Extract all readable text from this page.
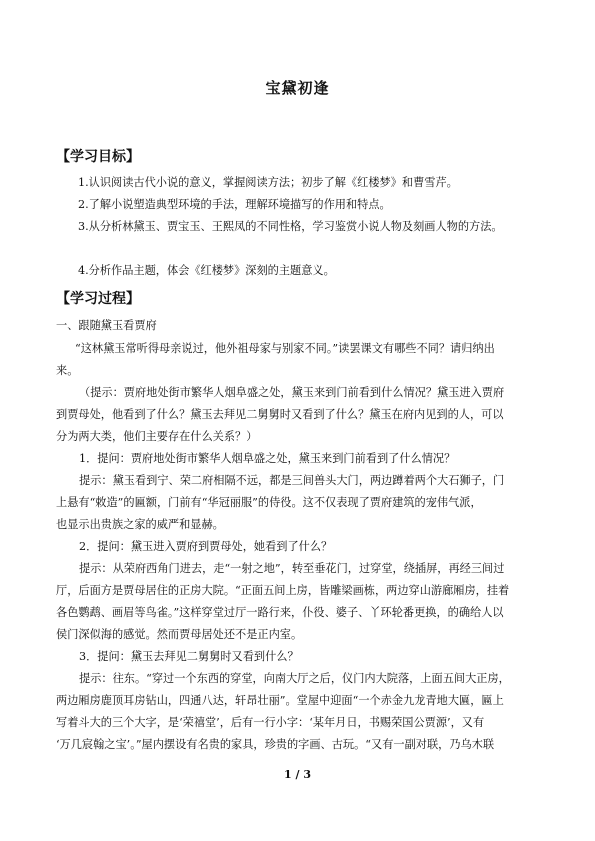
宝黛初逢
【学习目标】
1.认识阅读古代小说的意义，掌握阅读方法；初步了解《红楼梦》和曹雪芹。
2.了解小说塑造典型环境的手法，理解环境描写的作用和特点。
3.从分析林黛玉、贾宝玉、王熙凤的不同性格，学习鉴赏小说人物及刻画人物的方法。
4.分析作品主题，体会《红楼梦》深刻的主题意义。
【学习过程】
一、跟随黛玉看贾府
“这林黛玉常听得母亲说过，他外祖母家与别家不同。”读罢课文有哪些不同？请归纳出
来。
（提示：贾府地处街市繁华人烟阜盛之处，黛玉来到门前看到什么情况？黛玉进入贾府
到贾母处，他看到了什么？黛玉去拜见二舅舅时又看到了什么？黛玉在府内见到的人，可以
分为两大类，他们主要存在什么关系？）
1．提问：贾府地处街市繁华人烟阜盛之处，黛玉来到门前看到了什么情况？
提示：黛玉看到宁、荣二府相隔不远，都是三间兽头大门，两边蹲着两个大石狮子，门
上悬有“敕造”的匾额，门前有“华冠丽服”的侍役。这不仅表现了贾府建筑的宠伟气派，
也显示出贵族之家的威严和显赫。
2．提问：黛玉进入贾府到贾母处，她看到了什么？
提示：从荣府西角门进去，走“一射之地”，转至垂花门，过穿堂，绕插屏，再经三间过
厅，后面方是贾母居住的正房大院。“正面五间上房，皆雕梁画栋，两边穿山游廊厢房，挂着
各色鹦鹉、画眉等鸟雀。”这样穿堂过厅一路行来，仆役、婆子、丫环轮番更换，的确给人以
侯门深似海的感觉。然而贾母居处还不是正内室。
3．提问：黛玉去拜见二舅舅时又看到什么？
提示：往东。“穿过一个东西的穿堂，向南大厅之后，仪门内大院落，上面五间大正房，
两边厢房鹿顶耳房钻山，四通八达，轩昂壮丽”。堂屋中迎面“一个赤金九龙青地大匾，匾上
写着斗大的三个大字，是‘荣禧堂’，后有一行小字：‘某年月日，书赐荣国公贾源’，又有
‘万几宸翰之宝’。”屋内摆设有名贵的家具，珍贵的字画、古玩。“又有一副对联，乃乌木联
1 / 3
